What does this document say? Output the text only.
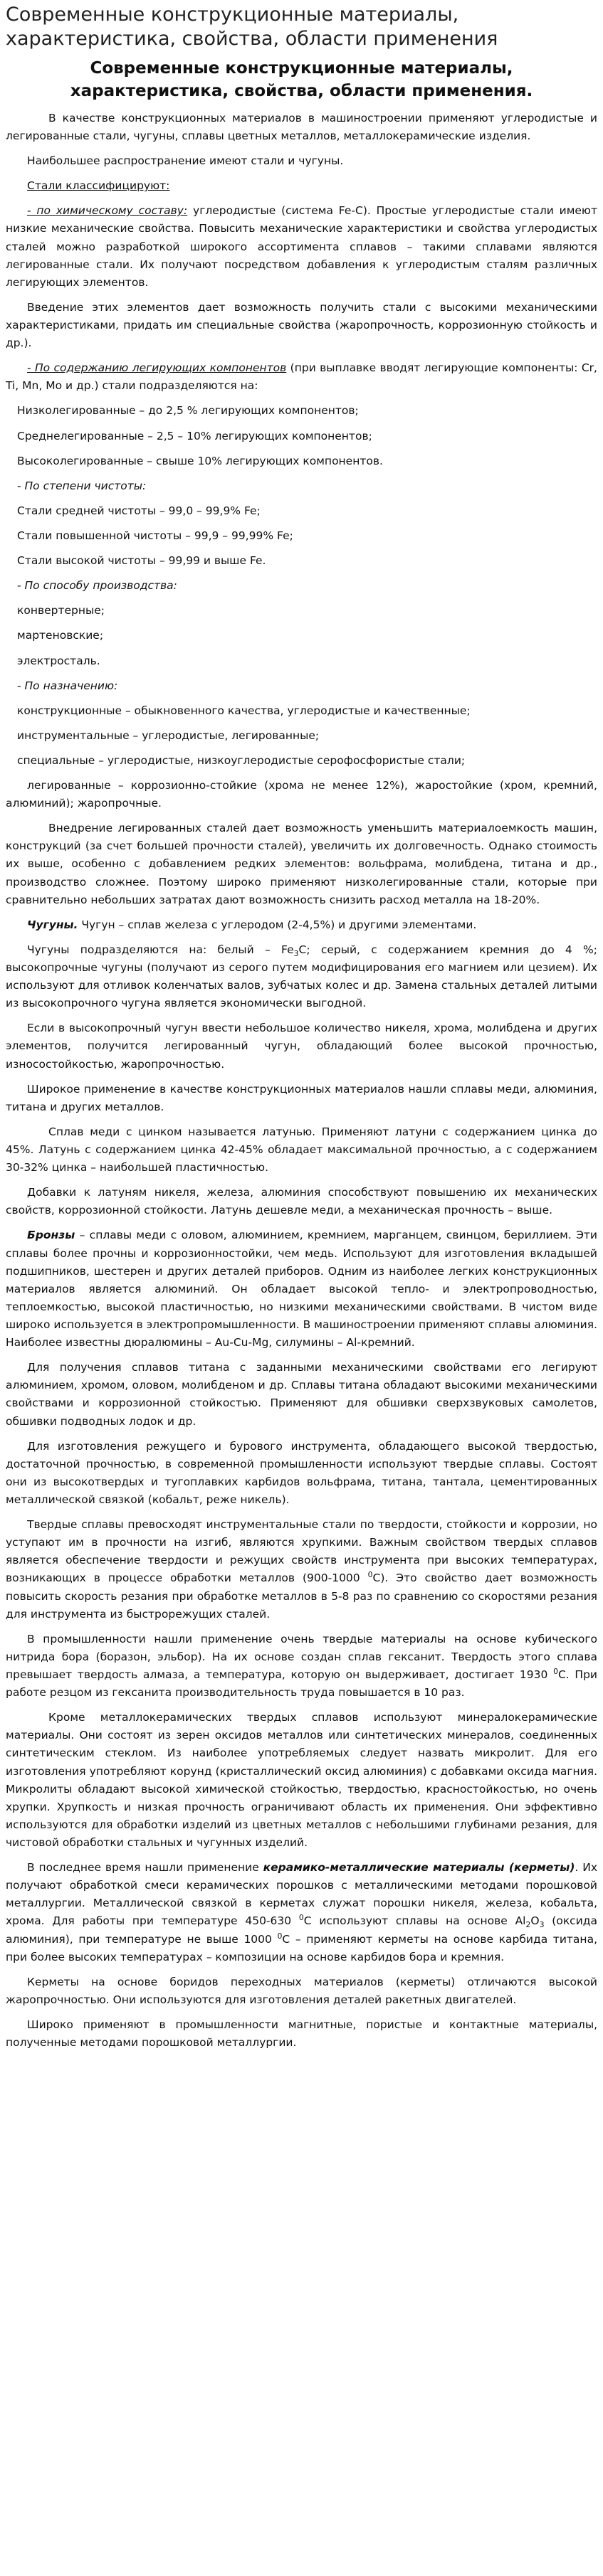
Современные конструкционные материалы, характеристика, свойства, области применения
Современные конструкционные материалы, характеристика, свойства, области применения.

В качестве конструкционных материалов в машиностроении применяют углеродистые и легированные стали, чугуны, сплавы цветных металлов, металлокерамические изделия.

Наибольшее распространение имеют стали и чугуны.

Стали классифицируют:

- по химическому составу: углеродистые (система Fe-C). Простые углеродистые стали имеют низкие механические свойства. Повысить механические характеристики и свойства углеродистых сталей можно разработкой широкого ассортимента сплавов – такими сплавами являются легированные стали. Их получают посредством добавления к углеродистым сталям различных легирующих элементов.

Введение этих элементов дает возможность получить стали с высокими механическими характеристиками, придать им специальные свойства (жаропрочность, коррозионную стойкость и др.).

- По содержанию легирующих компонентов (при выплавке вводят легирующие компоненты: Cr, Ti, Mn, Mo и др.) стали подразделяются на:

Низколегированные – до 2,5 % легирующих компонентов;

Среднелегированные – 2,5 – 10% легирующих компонентов;

Высоколегированные – свыше 10% легирующих компонентов.

- По степени чистоты:

Стали средней чистоты – 99,0 – 99,9% Fe;

Стали повышенной чистоты – 99,9 – 99,99% Fe;

Стали высокой чистоты – 99,99 и выше Fe.

- По способу производства:

конвертерные;

мартеновские;

электросталь.

- По назначению:

конструкционные – обыкновенного качества, углеродистые и качественные;

инструментальные – углеродистые, легированные;

специальные – углеродистые, низкоуглеродистые серофосфористые стали;

легированные – коррозионно-стойкие (хрома не менее 12%), жаростойкие (хром, кремний, алюминий); жаропрочные.

Внедрение легированных сталей дает возможность уменьшить материалоемкость машин, конструкций (за счет большей прочности сталей), увеличить их долговечность. Однако стоимость их выше, особенно с добавлением редких элементов: вольфрама, молибдена, титана и др., производство сложнее. Поэтому широко применяют низколегированные стали, которые при сравнительно небольших затратах дают возможность снизить расход металла на 18-20%.

Чугуны. Чугун – сплав железа с углеродом (2-4,5%) и другими элементами.

Чугуны подразделяются на: белый – $Fe_3C$; серый, с содержанием кремния до 4 %; высокопрочные чугуны (получают из серого путем модифицирования его магнием или цезием). Их используют для отливок коленчатых валов, зубчатых колес и др. Замена стальных деталей литыми из высокопрочного чугуна является экономически выгодной.

Если в высокопрочный чугун ввести небольшое количество никеля, хрома, молибдена и других элементов, получится легированный чугун, обладающий более высокой прочностью, износостойкостью, жаропрочностью.

Широкое применение в качестве конструкционных материалов нашли сплавы меди, алюминия, титана и других металлов.

Сплав меди с цинком называется латунью. Применяют латуни с содержанием цинка до 45%. Латунь с содержанием цинка 42-45% обладает максимальной прочностью, а с содержанием 30-32% цинка – наибольшей пластичностью.

Добавки к латуням никеля, железа, алюминия способствуют повышению их механических свойств, коррозионной стойкости. Латунь дешевле меди, а механическая прочность – выше.

Бронзы – сплавы меди с оловом, алюминием, кремнием, марганцем, свинцом, бериллием. Эти сплавы более прочны и коррозионностойки, чем медь. Используют для изготовления вкладышей подшипников, шестерен и других деталей приборов. Одним из наиболее легких конструкционных материалов является алюминий. Он обладает высокой тепло- и электропроводностью, теплоемкостью, высокой пластичностью, но низкими механическими свойствами. В чистом виде широко используется в электропромышленности. В машиностроении применяют сплавы алюминия. Наиболее известны дюралюмины – Au-Cu-Mg, силумины – Al-кремний.

Для получения сплавов титана с заданными механическими свойствами его легируют алюминием, хромом, оловом, молибденом и др. Сплавы титана обладают высокими механическими свойствами и коррозионной стойкостью. Применяют для обшивки сверхзвуковых самолетов, обшивки подводных лодок и др.

Для изготовления режущего и бурового инструмента, обладающего высокой твердостью, достаточной прочностью, в современной промышленности используют твердые сплавы. Состоят они из высокотвердых и тугоплавких карбидов вольфрама, титана, тантала, цементированных металлической связкой (кобальт, реже никель).

Твердые сплавы превосходят инструментальные стали по твердости, стойкости и коррозии, но уступают им в прочности на изгиб, являются хрупкими. Важным свойством твердых сплавов является обеспечение твердости и режущих свойств инструмента при высоких температурах, возникающих в процессе обработки металлов (900-1000 $^0$C). Это свойство дает возможность повысить скорость резания при обработке металлов в 5-8 раз по сравнению со скоростями резания для инструмента из быстрорежущих сталей.

В промышленности нашли применение очень твердые материалы на основе кубического нитрида бора (боразон, эльбор). На их основе создан сплав гексанит. Твердость этого сплава превышает твердость алмаза, а температура, которую он выдерживает, достигает 1930 $^0$C. При работе резцом из гексанита производительность труда повышается в 10 раз.

Кроме металлокерамических твердых сплавов используют минералокерамические материалы. Они состоят из зерен оксидов металлов или синтетических минералов, соединенных синтетическим стеклом. Из наиболее употребляемых следует назвать микролит. Для его изготовления употребляют корунд (кристаллический оксид алюминия) с добавками оксида магния. Микролиты обладают высокой химической стойкостью, твердостью, красностойкостью, но очень хрупки. Хрупкость и низкая прочность ограничивают область их применения. Они эффективно используются для обработки изделий из цветных металлов с небольшими глубинами резания, для чистовой обработки стальных и чугунных изделий.

В последнее время нашли применение керамико-металлические материалы (керметы). Их получают обработкой смеси керамических порошков с металлическими методами порошковой металлургии. Металлической связкой в керметах служат порошки никеля, железа, кобальта, хрома. Для работы при температуре 450-630 $^0$C используют сплавы на основе $Al_2O_3$ (оксида алюминия), при температуре не выше 1000 $^0$C – применяют керметы на основе карбида титана, при более высоких температурах – композиции на основе карбидов бора и кремния.

Керметы на основе боридов переходных материалов (керметы) отличаются высокой жаропрочностью. Они используются для изготовления деталей ракетных двигателей.

Широко применяют в промышленности магнитные, пористые и контактные материалы, полученные методами порошковой металлургии.
